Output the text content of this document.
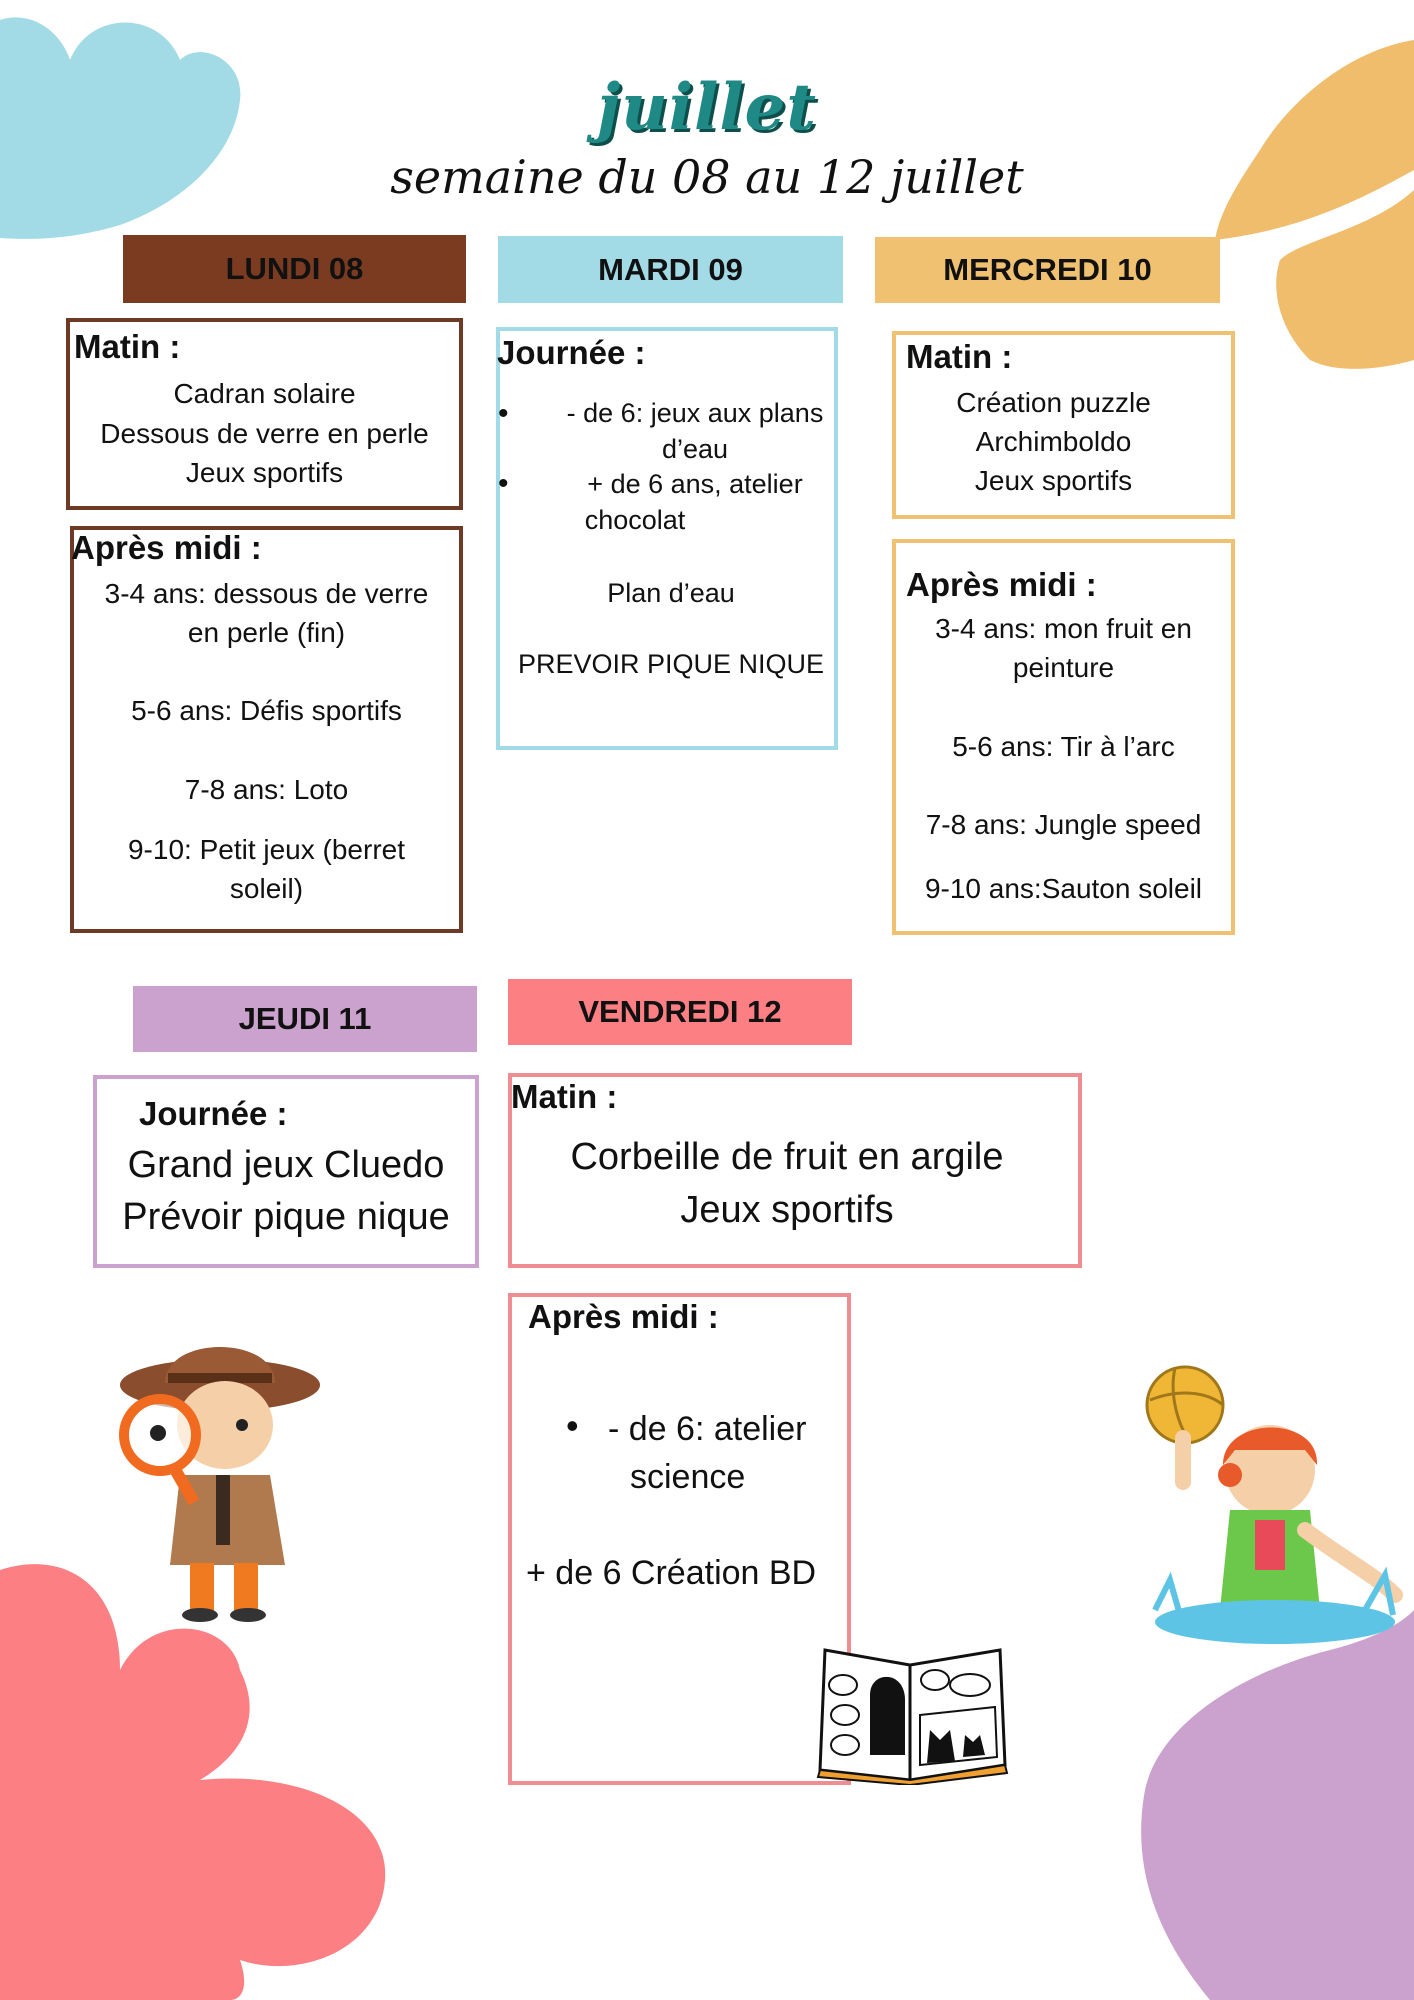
juillet
semaine du 08 au 12 juillet
LUNDI 08
Matin :
Cadran solaire
Dessous de verre en perle
Jeux sportifs
Après midi :
3-4 ans: dessous de verre
en perle (fin)
5-6 ans: Défis sportifs
7-8 ans: Loto
9-10: Petit jeux (berret
soleil)
MARDI 09
Journée :
•	- de 6: jeux aux plans
d’eau
•	+ de 6 ans, atelier
chocolat
Plan d’eau
PREVOIR PIQUE NIQUE
MERCREDI 10
Matin :
Création puzzle
Archimboldo
Jeux sportifs
Après midi :
3-4 ans: mon fruit en
peinture
5-6 ans: Tir à l’arc
7-8 ans: Jungle speed
9-10 ans:Sauton soleil
JEUDI 11
Journée :
Grand jeux Cluedo
Prévoir pique nique
VENDREDI 12
Matin :
Corbeille de fruit en argile
Jeux sportifs
Après midi :
• - de 6: atelier
science
+ de 6 Création BD
